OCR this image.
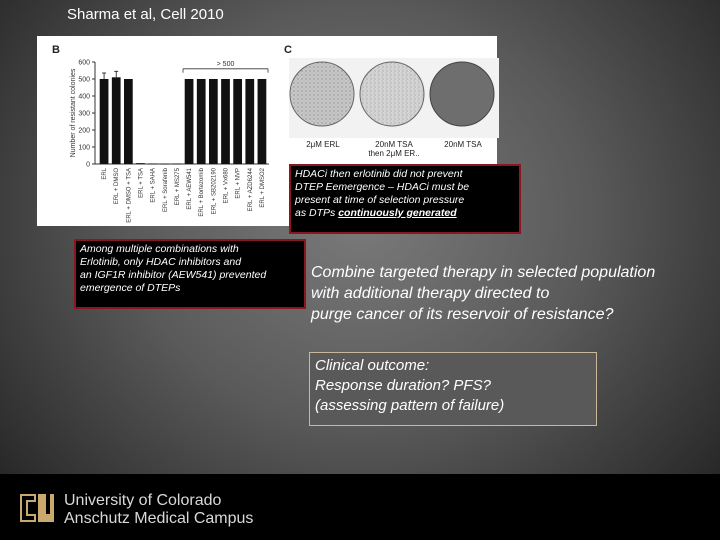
Sharma et al, Cell 2010
B	C
0
100
200
300
400
500
600
Number of resistant colonies
ERL ERL + DMSO ERL + DMSO + TSA ERL + TSA ERL + SAHA ERL + Sorafenib ERL + MS275 ERL + AEW541 ERL + Bortezomib ERL + SB202190 ERL + Vx680 ERL + NVP ERL + AZD6244 ERL + DMSO2
> 500
2μM ERL	20nM TSA
then 2μM ER..
20nM TSA
HDACi then erlotinib did not prevent
DTEP Eemergence – HDACi must be
present at time of selection pressure
as DTPs continuously generated
Among multiple combinations with
Erlotinib, only HDAC inhibitors and
an IGF1R inhibitor (AEW541) prevented
emergence of DTEPs
Combine targeted therapy in selected population
with additional therapy directed to
purge cancer of its reservoir of resistance?
Clinical outcome:
Response duration? PFS?
(assessing pattern of failure)
University of Colorado
Anschutz Medical Campus
